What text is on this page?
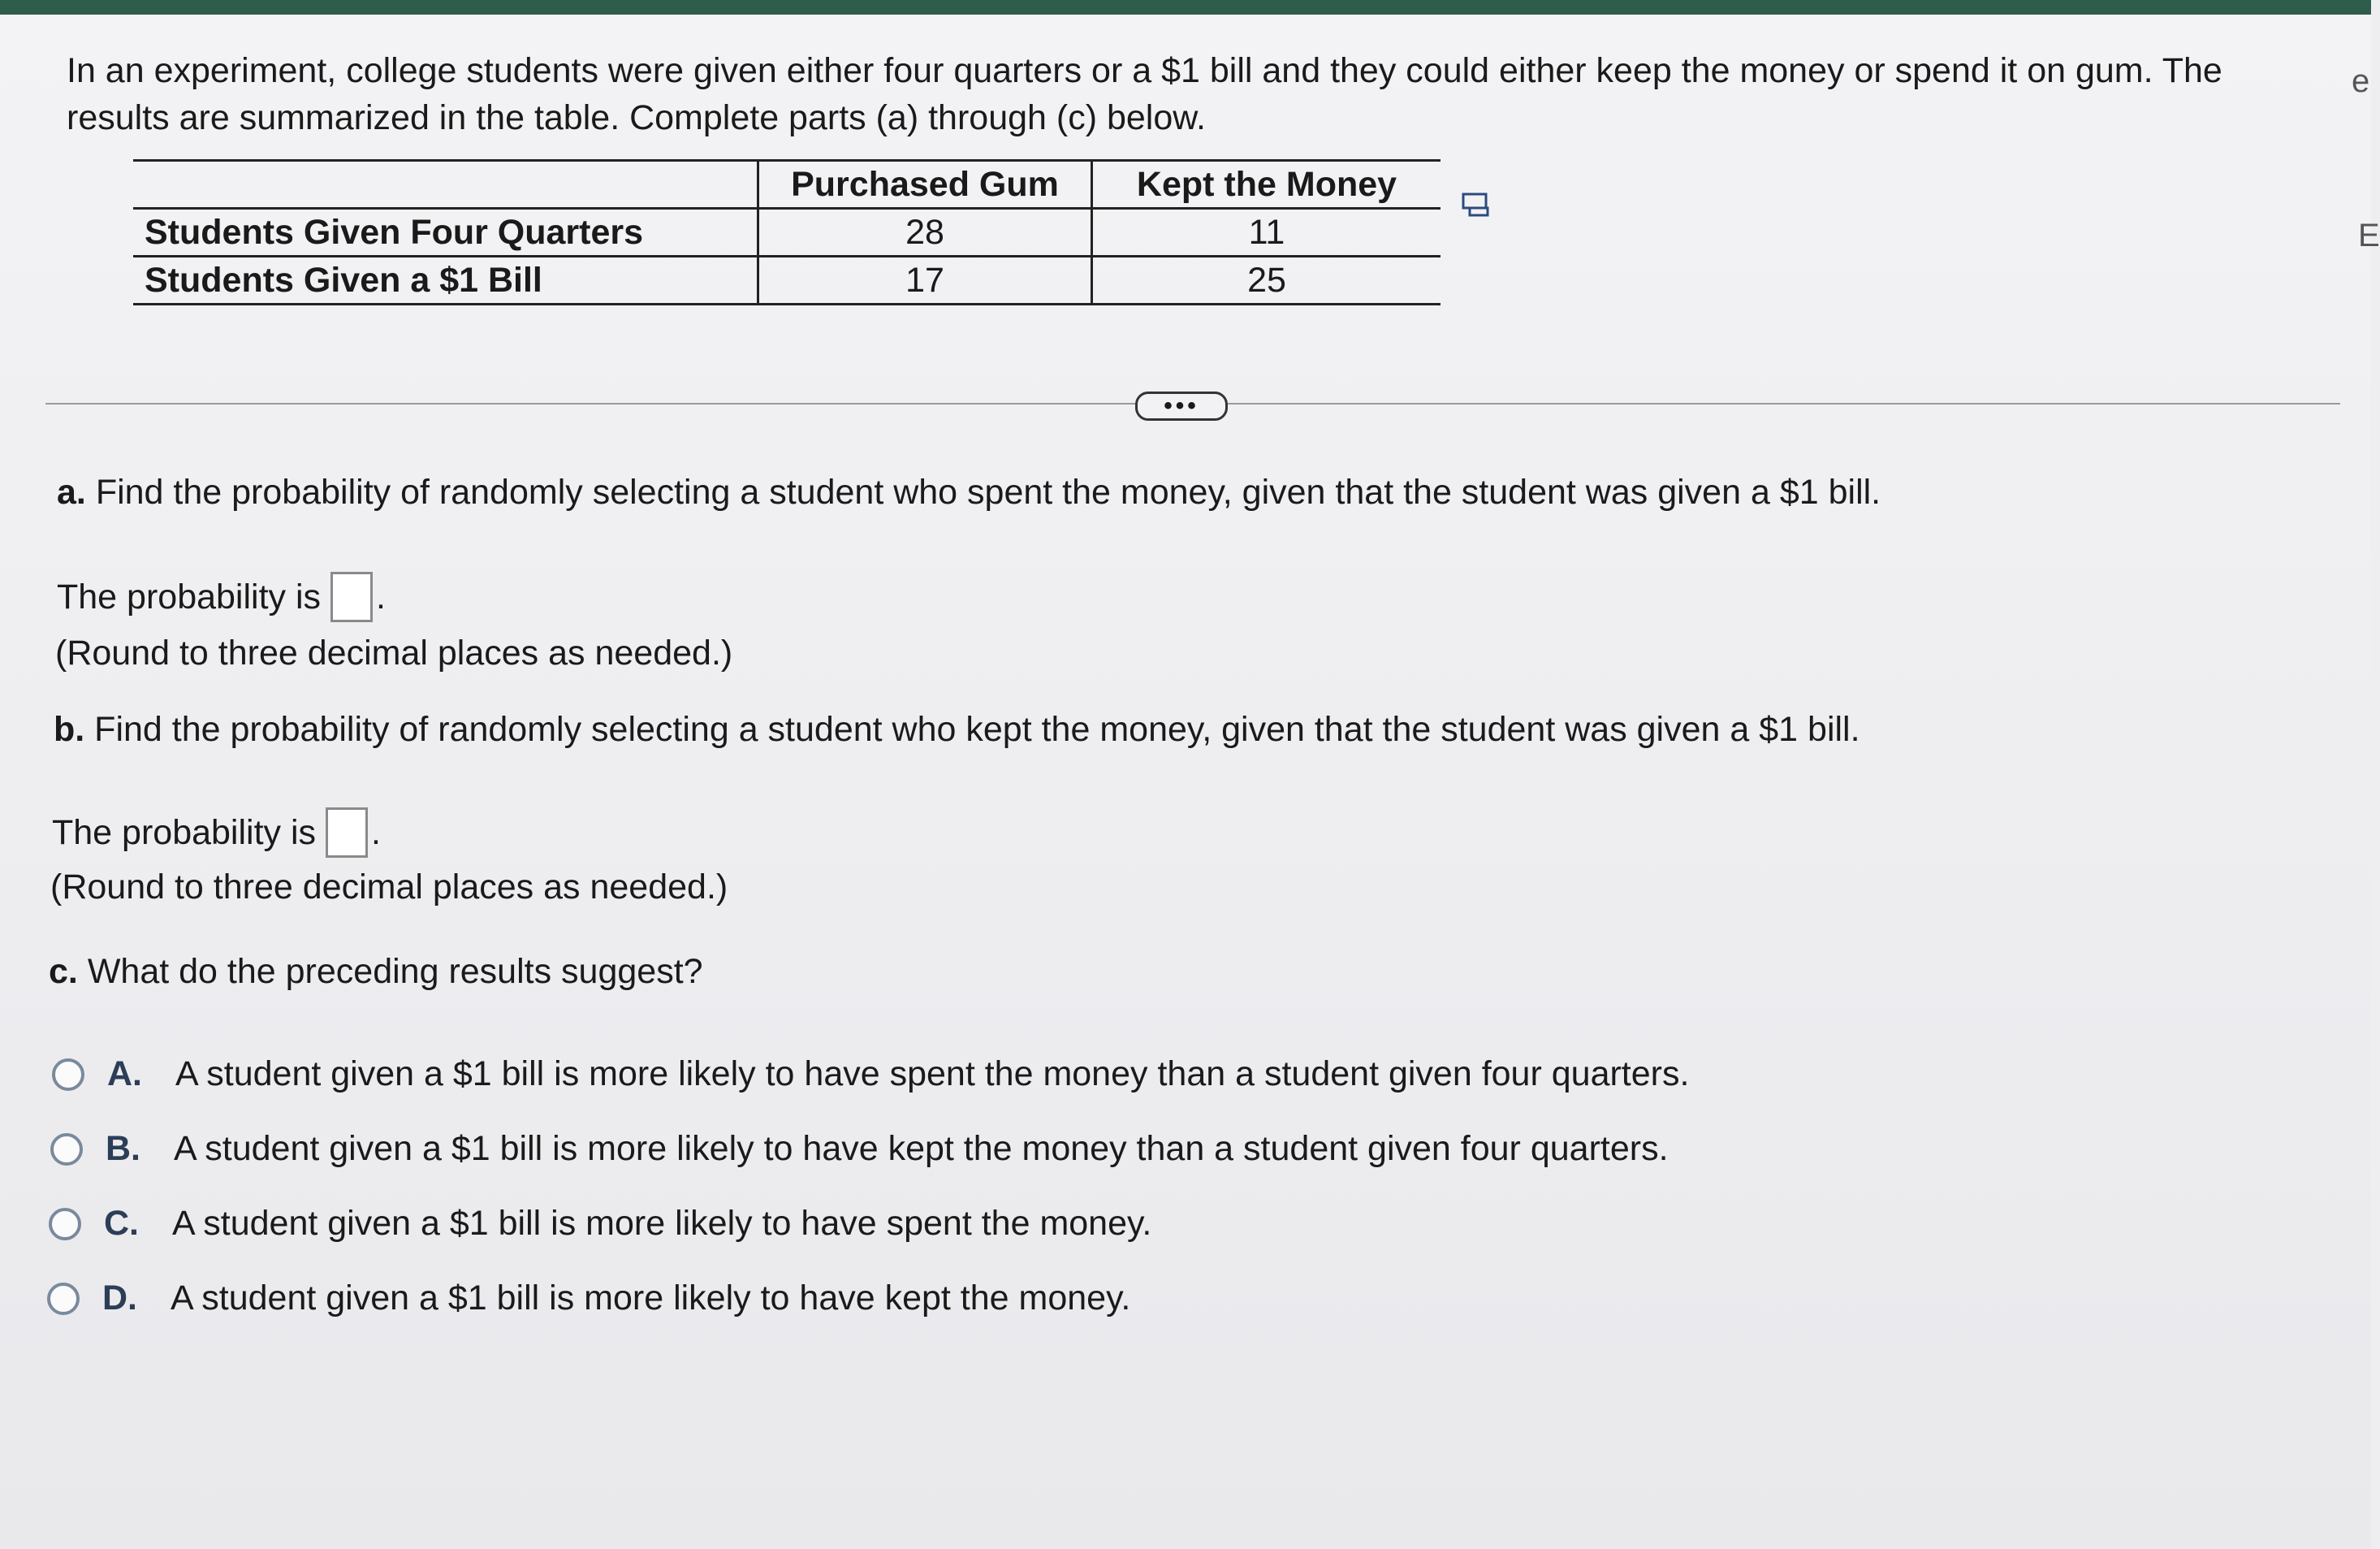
In an experiment, college students were given either four quarters or a $1 bill and they could either keep the money or spend it on gum. The results are summarized in the table. Complete parts (a) through (c) below.
	Purchased Gum	Kept the Money
Students Given Four Quarters	28	11
Students Given a $1 Bill	17	25
•••
a. Find the probability of randomly selecting a student who spent the money, given that the student was given a $1 bill.
The probability is .
(Round to three decimal places as needed.)
b. Find the probability of randomly selecting a student who kept the money, given that the student was given a $1 bill.
The probability is .
(Round to three decimal places as needed.)
c. What do the preceding results suggest?
A. A student given a $1 bill is more likely to have spent the money than a student given four quarters.
B. A student given a $1 bill is more likely to have kept the money than a student given four quarters.
C. A student given a $1 bill is more likely to have spent the money.
D. A student given a $1 bill is more likely to have kept the money.
e
E
